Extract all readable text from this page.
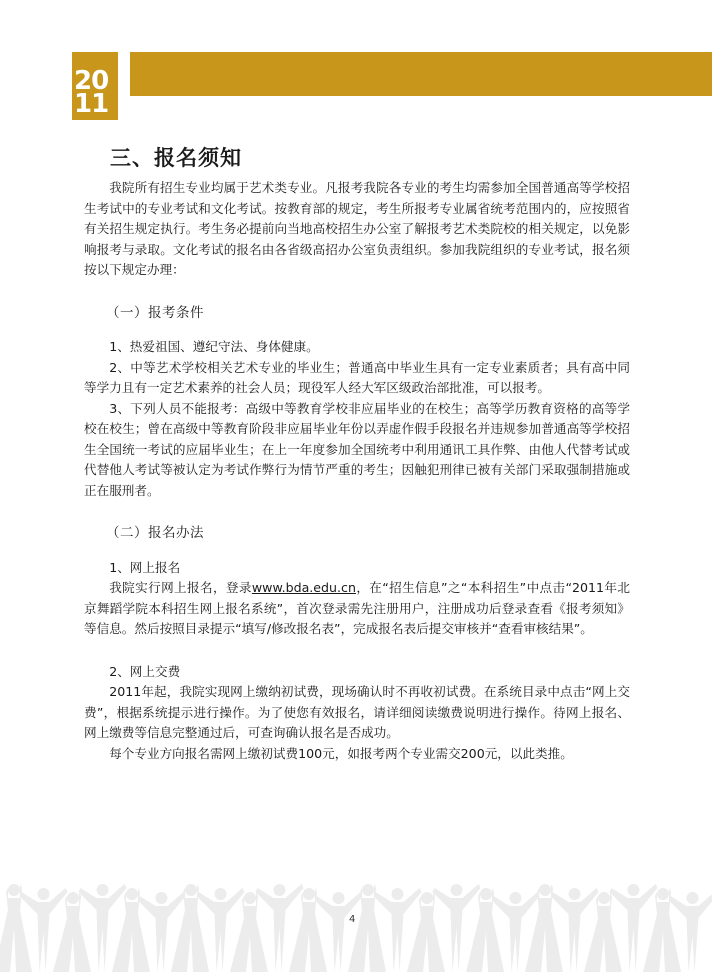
20
11
三、报名须知

我院所有招生专业均属于艺术类专业。凡报考我院各专业的考生均需参加全国普通高等学校招生考试中的专业考试和文化考试。按教育部的规定，考生所报考专业属省统考范围内的，应按照省有关招生规定执行。考生务必提前向当地高校招生办公室了解报考艺术类院校的相关规定，以免影响报考与录取。文化考试的报名由各省级高招办公室负责组织。参加我院组织的专业考试，报名须按以下规定办理：

（一）报考条件

1、热爱祖国、遵纪守法、身体健康。

2、中等艺术学校相关艺术专业的毕业生；普通高中毕业生具有一定专业素质者；具有高中同等学力且有一定艺术素养的社会人员；现役军人经大军区级政治部批准，可以报考。

3、下列人员不能报考：高级中等教育学校非应届毕业的在校生；高等学历教育资格的高等学校在校生；曾在高级中等教育阶段非应届毕业年份以弄虚作假手段报名并违规参加普通高等学校招生全国统一考试的应届毕业生；在上一年度参加全国统考中利用通讯工具作弊、由他人代替考试或代替他人考试等被认定为考试作弊行为情节严重的考生；因触犯刑律已被有关部门采取强制措施或正在服刑者。

（二）报名办法

1、网上报名

我院实行网上报名，登录www.bda.edu.cn，在“招生信息”之“本科招生”中点击“2011年北京舞蹈学院本科招生网上报名系统”，首次登录需先注册用户，注册成功后登录查看《报考须知》等信息。然后按照目录提示“填写/修改报名表”，完成报名表后提交审核并“查看审核结果”。

2、网上交费

2011年起，我院实现网上缴纳初试费，现场确认时不再收初试费。在系统目录中点击“网上交费”，根据系统提示进行操作。为了使您有效报名，请详细阅读缴费说明进行操作。待网上报名、网上缴费等信息完整通过后，可查询确认报名是否成功。

每个专业方向报名需网上缴初试费100元，如报考两个专业需交200元，以此类推。

4
